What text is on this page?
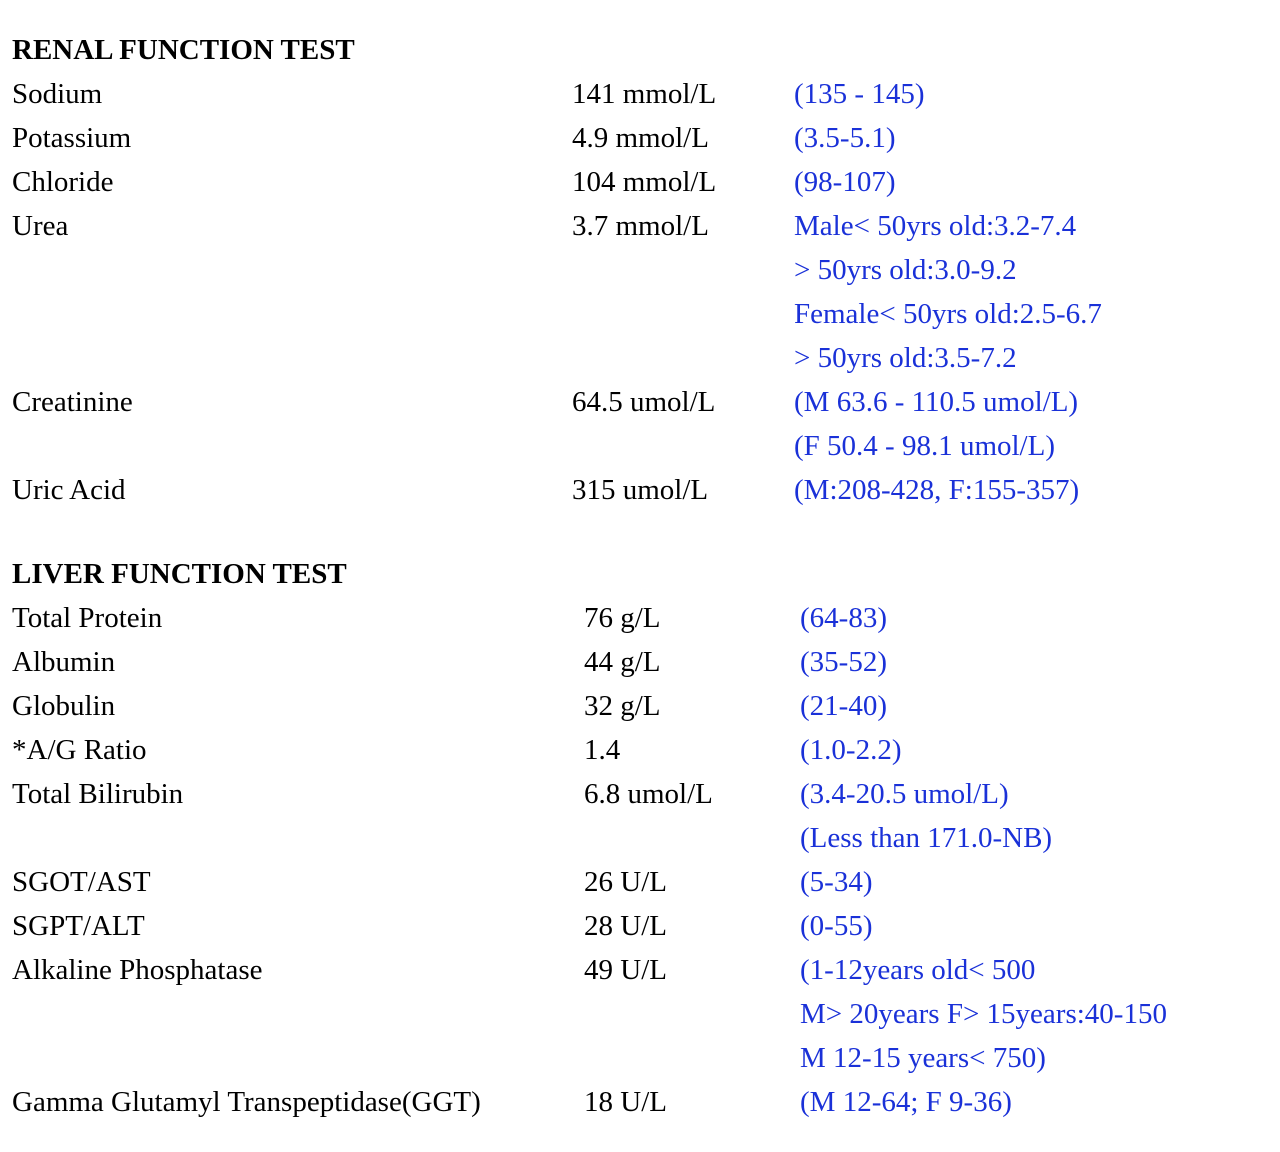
RENAL FUNCTION TEST
Sodium	141 mmol/L	(135 - 145)
Potassium	4.9 mmol/L	(3.5-5.1)
Chloride	104 mmol/L	(98-107)
Urea	3.7 mmol/L	Male< 50yrs old:3.2-7.4
> 50yrs old:3.0-9.2
Female< 50yrs old:2.5-6.7
> 50yrs old:3.5-7.2
Creatinine	64.5 umol/L	(M 63.6 - 110.5 umol/L)
(F 50.4 - 98.1 umol/L)
Uric Acid	315 umol/L	(M:208-428, F:155-357)
LIVER FUNCTION TEST
Total Protein	76 g/L	(64-83)
Albumin	44 g/L	(35-52)
Globulin	32 g/L	(21-40)
*A/G Ratio	1.4	(1.0-2.2)
Total Bilirubin	6.8 umol/L	(3.4-20.5 umol/L)
(Less than 171.0-NB)
SGOT/AST	26 U/L	(5-34)
SGPT/ALT	28 U/L	(0-55)
Alkaline Phosphatase	49 U/L	(1-12years old< 500
M> 20years F> 15years:40-150
M 12-15 years< 750)
Gamma Glutamyl Transpeptidase(GGT)	18 U/L	(M 12-64; F 9-36)
